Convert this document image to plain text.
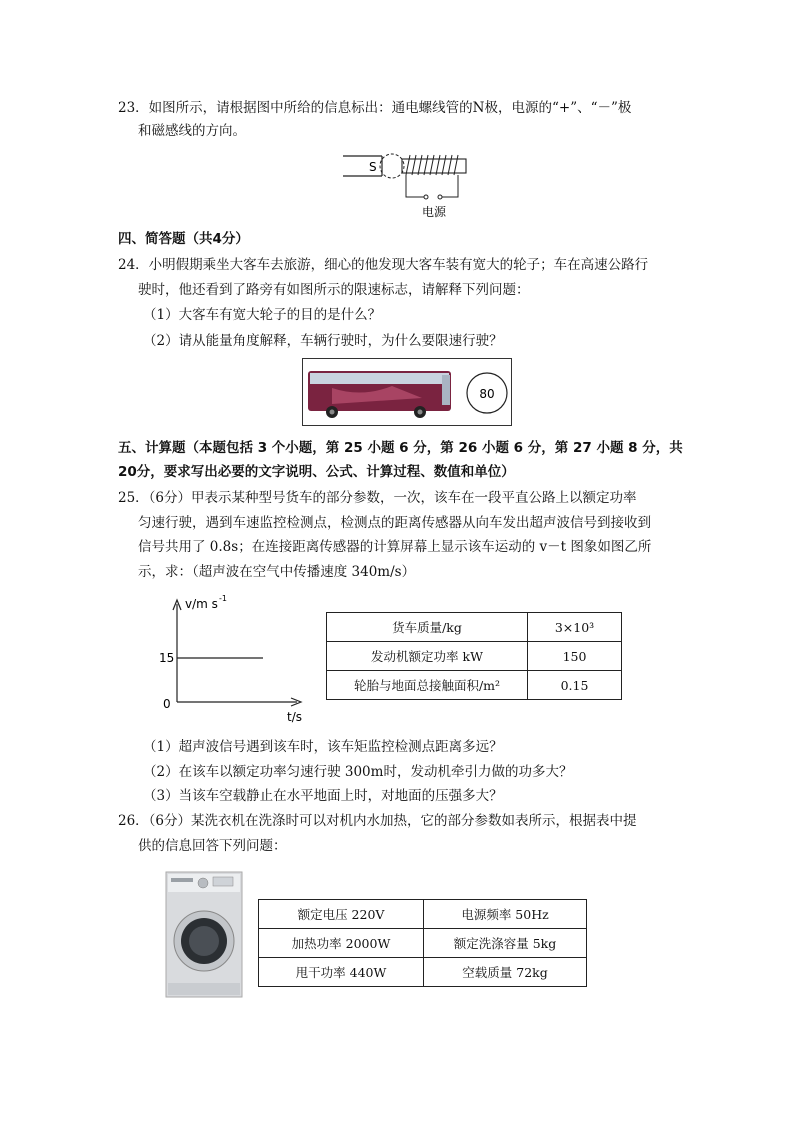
23．如图所示，请根据图中所给的信息标出：通电螺线管的N极，电源的“+”、“－”极
和磁感线的方向。
S
电源
四、简答题（共4分）
24．小明假期乘坐大客车去旅游，细心的他发现大客车装有宽大的轮子；车在高速公路行
驶时，他还看到了路旁有如图所示的限速标志，请解释下列问题：
（1）大客车有宽大轮子的目的是什么？
（2）请从能量角度解释，车辆行驶时，为什么要限速行驶？
80
五、计算题（本题包括 3 个小题，第 25 小题 6 分，第 26 小题 6 分，第 27 小题 8 分，共
20分，要求写出必要的文字说明、公式、计算过程、数值和单位）
25．（6分）甲表示某种型号货车的部分参数，一次，该车在一段平直公路上以额定功率
匀速行驶，遇到车速监控检测点，检测点的距离传感器从向车发出超声波信号到接收到
信号共用了 0.8s；在连接距离传感器的计算屏幕上显示该车运动的 v－t 图象如图乙所
示，求：（超声波在空气中传播速度 340m/s）
v/m s -1
15
0
t/s
货车质量/kg	3×10³
发动机额定功率 kW	150
轮胎与地面总接触面积/m²	0.15
（1）超声波信号遇到该车时，该车矩监控检测点距离多远？
（2）在该车以额定功率匀速行驶 300m时，发动机牵引力做的功多大？
（3）当该车空载静止在水平地面上时，对地面的压强多大？
26．（6分）某洗衣机在洗涤时可以对机内水加热，它的部分参数如表所示，根据表中提
供的信息回答下列问题：
额定电压 220V	电源频率 50Hz
加热功率 2000W	额定洗涤容量 5kg
甩干功率 440W	空载质量 72kg
